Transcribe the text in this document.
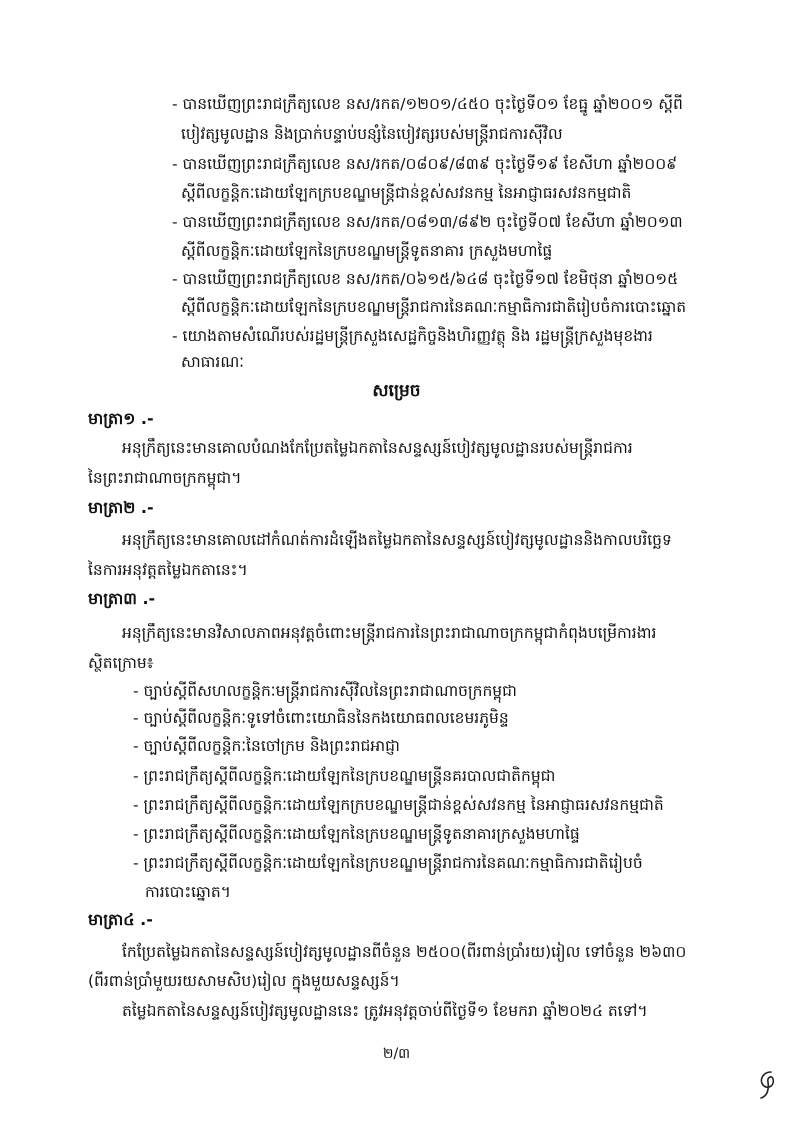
- បានឃើញព្រះរាជក្រឹត្យលេខ នស/រកត/១២០១/៤៥០ ចុះថ្ងៃទី០១ ខែធ្នូ ឆ្នាំ២០០១ ស្ដីពី
បៀវត្សមូលដ្ឋាន និងប្រាក់បន្ទាប់បន្សំនៃបៀវត្សរបស់មន្ត្រីរាជការស៊ីវិល
- បានឃើញព្រះរាជក្រឹត្យលេខ នស/រកត/០៨០៩/៨៣៩ ចុះថ្ងៃទី១៩ ខែសីហា ឆ្នាំ២០០៩
ស្តីពីលក្ខន្តិកៈដោយឡែកក្របខណ្ឌមន្ត្រីជាន់ខ្ពស់សវនកម្ម នៃអាជ្ញាធរសវនកម្មជាតិ
- បានឃើញព្រះរាជក្រឹត្យលេខ នស/រកត/០៨១៣/៨៩២ ចុះថ្ងៃទី០៧ ខែសីហា ឆ្នាំ២០១៣
ស្តីពីលក្ខន្តិកៈដោយឡែកនៃក្របខណ្ឌមន្ត្រីទូតនាគារ ក្រសួងមហាផ្ទៃ
- បានឃើញព្រះរាជក្រឹត្យលេខ នស/រកត/០៦១៥/៦៤៨ ចុះថ្ងៃទី១៧ ខែមិថុនា ឆ្នាំ២០១៥
ស្តីពីលក្ខន្តិកៈដោយឡែកនៃក្របខណ្ឌមន្ត្រីរាជការនៃគណៈកម្មាធិការជាតិរៀបចំការបោះឆ្នោត
- យោងតាមសំណើរបស់រដ្ឋមន្ត្រីក្រសួងសេដ្ឋកិច្ចនិងហិរញ្ញវត្ថុ និង រដ្ឋមន្ត្រីក្រសួងមុខងារ
សាធារណៈ
សម្រេច
មាត្រា១ .-
អនុក្រឹត្យនេះមានគោលបំណងកែប្រែតម្លៃឯកតានៃសន្ទស្សន៍បៀវត្សមូលដ្ឋានរបស់មន្ត្រីរាជការ
នៃព្រះរាជាណាចក្រកម្ពុជា។
មាត្រា២ .-
អនុក្រឹត្យនេះមានគោលដៅកំណត់ការដំឡើងតម្លៃឯកតានៃសន្ទស្សន៍បៀវត្សមូលដ្ឋាននិងកាលបរិច្ឆេទ
នៃការអនុវត្តតម្លៃឯកតានេះ។
មាត្រា៣ .-
អនុក្រឹត្យនេះមានវិសាលភាពអនុវត្តចំពោះមន្ត្រីរាជការនៃព្រះរាជាណាចក្រកម្ពុជាកំពុងបម្រើការងារ
ស្ថិតក្រោម៖
- ច្បាប់ស្តីពីសហលក្ខន្តិកៈមន្ត្រីរាជការស៊ីវិលនៃព្រះរាជាណាចក្រកម្ពុជា
- ច្បាប់ស្តីពីលក្ខន្តិកៈទូទៅចំពោះយោធិននៃកងយោធពលខេមរភូមិន្ទ
- ច្បាប់ស្តីពីលក្ខន្តិកៈនៃចៅក្រម និងព្រះរាជអាជ្ញា
- ព្រះរាជក្រឹត្យស្តីពីលក្ខន្តិកៈដោយឡែកនៃក្របខណ្ឌមន្ត្រីនគរបាលជាតិកម្ពុជា
- ព្រះរាជក្រឹត្យស្តីពីលក្ខន្តិកៈដោយឡែកក្របខណ្ឌមន្ត្រីជាន់ខ្ពស់សវនកម្ម នៃអាជ្ញាធរសវនកម្មជាតិ
- ព្រះរាជក្រឹត្យស្តីពីលក្ខន្តិកៈដោយឡែកនៃក្របខណ្ឌមន្ត្រីទូតនាគារក្រសួងមហាផ្ទៃ
- ព្រះរាជក្រឹត្យស្តីពីលក្ខន្តិកៈដោយឡែកនៃក្របខណ្ឌមន្ត្រីរាជការនៃគណៈកម្មាធិការជាតិរៀបចំ
ការបោះឆ្នោត។
មាត្រា៤ .-
កែប្រែតម្លៃឯកតានៃសន្ទស្សន៍បៀវត្សមូលដ្ឋានពីចំនួន ២៥០០(ពីរពាន់ប្រាំរយ)រៀល ទៅចំនួន ២៦៣០
(ពីរពាន់ប្រាំមួយរយសាមសិប)រៀល ក្នុងមួយសន្ទស្សន៍។
តម្លៃឯកតានៃសន្ទស្សន៍បៀវត្សមូលដ្ឋាននេះ ត្រូវអនុវត្តចាប់ពីថ្ងៃទី១ ខែមករា ឆ្នាំ២០២៤ តទៅ។
២/៣
